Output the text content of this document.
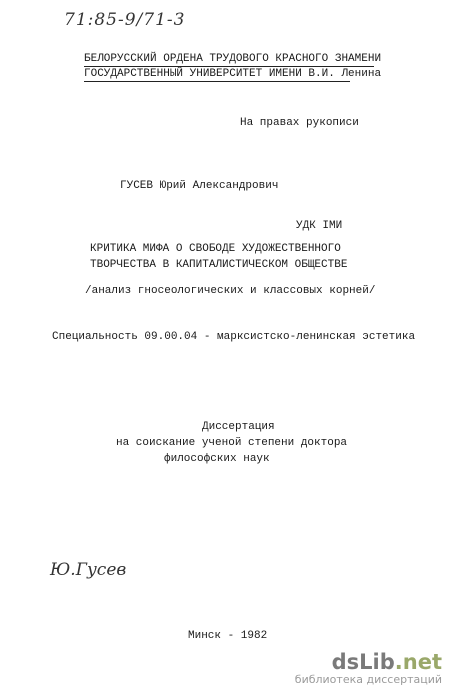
71:85-9/71-3
БЕЛОРУССКИЙ ОРДЕНА ТРУДОВОГО КРАСНОГО ЗНАМЕНИ
ГОСУДАРСТВЕННЫЙ УНИВЕРСИТЕТ ИМЕНИ В.И. Ленина
На правах рукописи
ГУСЕВ Юрий Александрович
УДК IМИ
КРИТИКА МИФА О СВОБОДЕ ХУДОЖЕСТВЕННОГО
ТВОРЧЕСТВА В КАПИТАЛИСТИЧЕСКОМ ОБЩЕСТВЕ
/анализ гносеологических и классовых корней/
Специальность 09.00.04 - марксистско-ленинская эстетика
Диссертация
на соискание ученой степени доктора
философских наук
Ю.Гусев
Минск - 1982
dsLib.net
библиотека диссертаций
